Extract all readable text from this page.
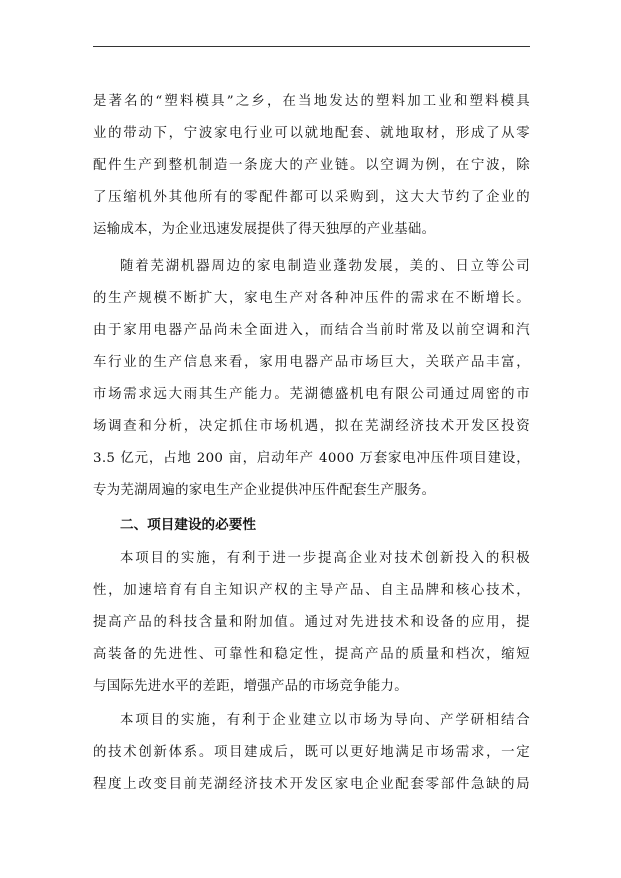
是著名的“塑料模具”之乡，在当地发达的塑料加工业和塑料模具
业的带动下，宁波家电行业可以就地配套、就地取材，形成了从零
配件生产到整机制造一条庞大的产业链。以空调为例，在宁波，除
了压缩机外其他所有的零配件都可以采购到，这大大节约了企业的
运输成本，为企业迅速发展提供了得天独厚的产业基础。
随着芜湖机器周边的家电制造业蓬勃发展，美的、日立等公司
的生产规模不断扩大，家电生产对各种冲压件的需求在不断增长。
由于家用电器产品尚未全面进入，而结合当前时常及以前空调和汽
车行业的生产信息来看，家用电器产品市场巨大，关联产品丰富，
市场需求远大雨其生产能力。芜湖德盛机电有限公司通过周密的市
场调查和分析，决定抓住市场机遇，拟在芜湖经济技术开发区投资
3.5 亿元，占地 200 亩，启动年产 4000 万套家电冲压件项目建设，
专为芜湖周遍的家电生产企业提供冲压件配套生产服务。
二、项目建设的必要性
本项目的实施，有利于进一步提高企业对技术创新投入的积极
性，加速培育有自主知识产权的主导产品、自主品牌和核心技术，
提高产品的科技含量和附加值。通过对先进技术和设备的应用，提
高装备的先进性、可靠性和稳定性，提高产品的质量和档次，缩短
与国际先进水平的差距，增强产品的市场竞争能力。
本项目的实施，有利于企业建立以市场为导向、产学研相结合
的技术创新体系。项目建成后，既可以更好地满足市场需求，一定
程度上改变目前芜湖经济技术开发区家电企业配套零部件急缺的局
